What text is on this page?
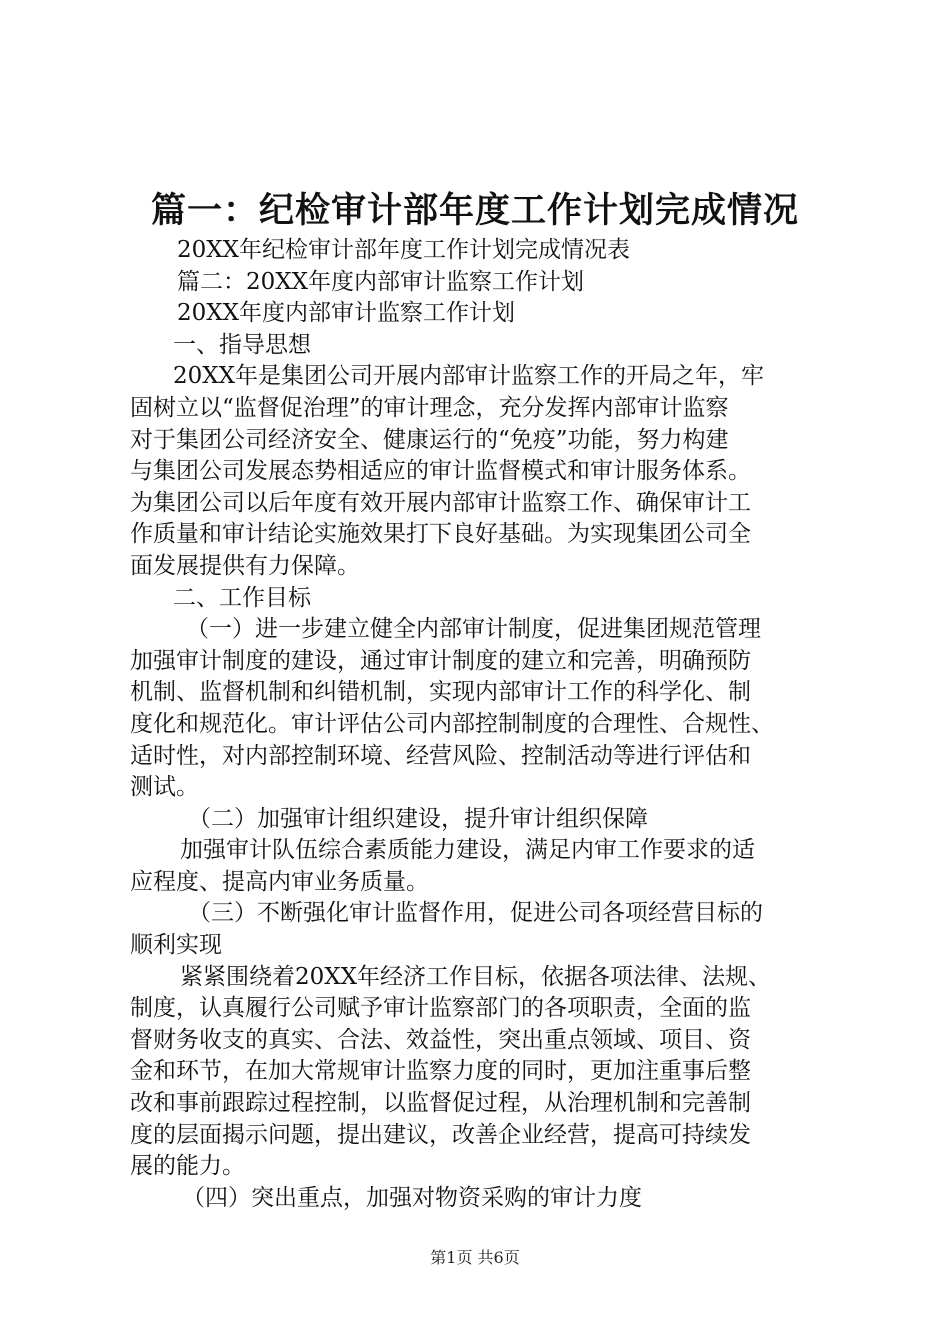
篇一：纪检审计部年度工作计划完成情况
20XX年纪检审计部年度工作计划完成情况表
篇二：20XX年度内部审计监察工作计划
20XX年度内部审计监察工作计划
一、指导思想
20XX年是集团公司开展内部审计监察工作的开局之年，牢
固树立以“监督促治理”的审计理念，充分发挥内部审计监察
对于集团公司经济安全、健康运行的“免疫”功能，努力构建
与集团公司发展态势相适应的审计监督模式和审计服务体系。
为集团公司以后年度有效开展内部审计监察工作、确保审计工
作质量和审计结论实施效果打下良好基础。为实现集团公司全
面发展提供有力保障。
二、工作目标
（一）进一步建立健全内部审计制度，促进集团规范管理
加强审计制度的建设，通过审计制度的建立和完善，明确预防
机制、监督机制和纠错机制，实现内部审计工作的科学化、制
度化和规范化。审计评估公司内部控制制度的合理性、合规性、
适时性，对内部控制环境、经营风险、控制活动等进行评估和
测试。
（二）加强审计组织建设，提升审计组织保障
加强审计队伍综合素质能力建设，满足内审工作要求的适
应程度、提高内审业务质量。
（三）不断强化审计监督作用，促进公司各项经营目标的
顺利实现
紧紧围绕着20XX年经济工作目标，依据各项法律、法规、
制度，认真履行公司赋予审计监察部门的各项职责，全面的监
督财务收支的真实、合法、效益性，突出重点领域、项目、资
金和环节，在加大常规审计监察力度的同时，更加注重事后整
改和事前跟踪过程控制，以监督促过程，从治理机制和完善制
度的层面揭示问题，提出建议，改善企业经营，提高可持续发
展的能力。
（四）突出重点，加强对物资采购的审计力度
第1页 共6页
